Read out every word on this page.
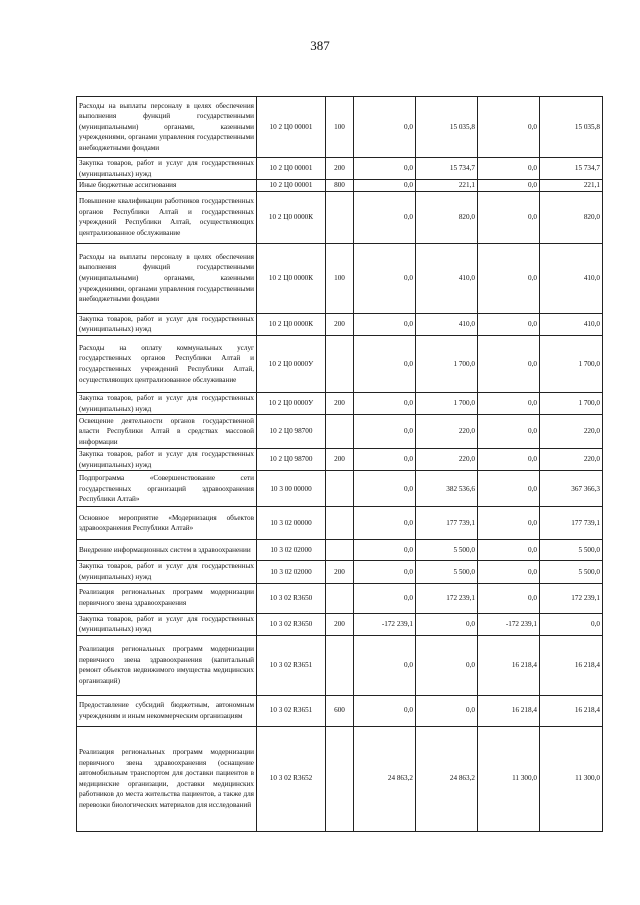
387
Расходы на выплаты персоналу в целях обеспечения выполнения функций государственными (муниципальными) органами, казенными учреждениями, органами управления государственными внебюджетными фондами	10 2 Ц0 00001	100	0,0	15 035,8	0,0	15 035,8
Закупка товаров, работ и услуг для государственных (муниципальных) нужд	10 2 Ц0 00001	200	0,0	15 734,7	0,0	15 734,7
Иные бюджетные ассигнования	10 2 Ц0 00001	800	0,0	221,1	0,0	221,1
Повышение квалификации работников государственных органов Республики Алтай и государственных учреждений Республики Алтай, осуществляющих централизованное обслуживание	10 2 Ц0 0000К		0,0	820,0	0,0	820,0
Расходы на выплаты персоналу в целях обеспечения выполнения функций государственными (муниципальными) органами, казенными учреждениями, органами управления государственными внебюджетными фондами	10 2 Ц0 0000К	100	0,0	410,0	0,0	410,0
Закупка товаров, работ и услуг для государственных (муниципальных) нужд	10 2 Ц0 0000К	200	0,0	410,0	0,0	410,0
Расходы на оплату коммунальных услуг государственных органов Республики Алтай и государственных учреждений Республики Алтай, осуществляющих централизованное обслуживание	10 2 Ц0 0000У		0,0	1 700,0	0,0	1 700,0
Закупка товаров, работ и услуг для государственных (муниципальных) нужд	10 2 Ц0 0000У	200	0,0	1 700,0	0,0	1 700,0
Освещение деятельности органов государственной власти Республики Алтай в средствах массовой информации	10 2 Ц0 98700		0,0	220,0	0,0	220,0
Закупка товаров, работ и услуг для государственных (муниципальных) нужд	10 2 Ц0 98700	200	0,0	220,0	0,0	220,0
Подпрограмма «Совершенствование сети государственных организаций здравоохранения Республики Алтай»	10 3 00 00000		0,0	382 536,6	0,0	367 366,3
Основное мероприятие «Модернизация объектов здравоохранения Республики Алтай»	10 3 02 00000		0,0	177 739,1	0,0	177 739,1
Внедрение информационных систем в здравоохранении	10 3 02 02000		0,0	5 500,0	0,0	5 500,0
Закупка товаров, работ и услуг для государственных (муниципальных) нужд	10 3 02 02000	200	0,0	5 500,0	0,0	5 500,0
Реализация региональных программ модернизации первичного звена здравоохранения	10 3 02 R3650		0,0	172 239,1	0,0	172 239,1
Закупка товаров, работ и услуг для государственных (муниципальных) нужд	10 3 02 R3650	200	-172 239,1	0,0	-172 239,1	0,0
Реализация региональных программ модернизации первичного звена здравоохранения (капитальный ремонт объектов недвижимого имущества медицинских организаций)	10 3 02 R3651		0,0	0,0	16 218,4	16 218,4
Предоставление субсидий бюджетным, автономным учреждениям и иным некоммерческим организациям	10 3 02 R3651	600	0,0	0,0	16 218,4	16 218,4
Реализация региональных программ модернизации первичного звена здравоохранения (оснащение автомобильным транспортом для доставки пациентов в медицинские организации, доставки медицинских работников до места жительства пациентов, а также для перевозки биологических материалов для исследований	10 3 02 R3652		24 863,2	24 863,2	11 300,0	11 300,0
